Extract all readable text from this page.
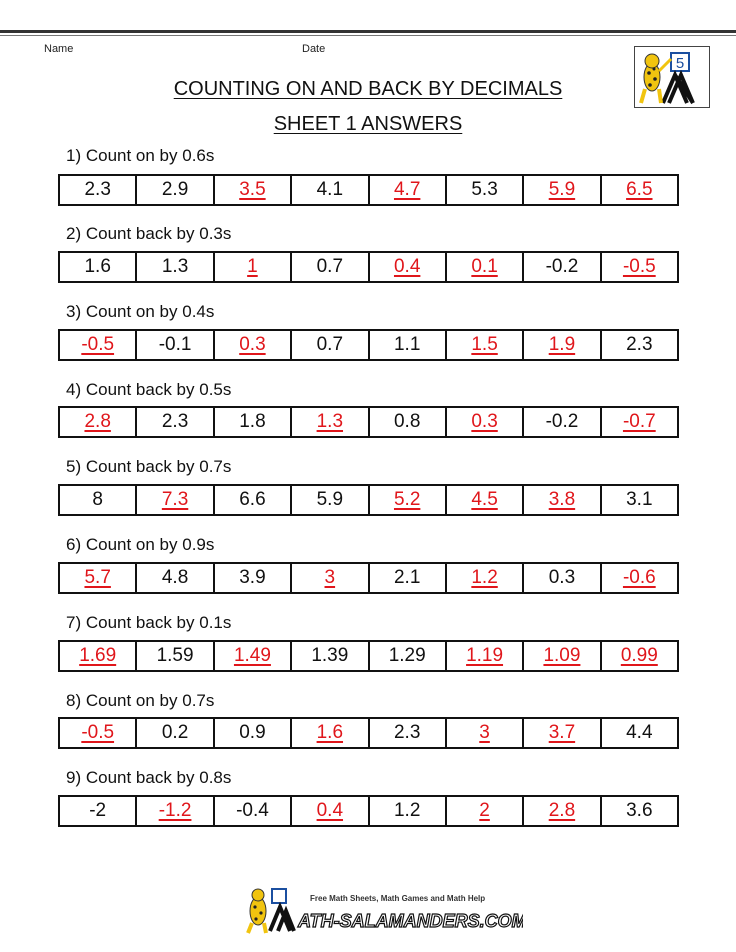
Name	Date
COUNTING ON AND BACK BY DECIMALS
SHEET 1 ANSWERS
5
1) Count on by 0.6s
2.3	2.9	3.5	4.1	4.7	5.3	5.9	6.5
2) Count back by 0.3s
1.6	1.3	1	0.7	0.4	0.1	-0.2	-0.5
3) Count on by 0.4s
-0.5	-0.1	0.3	0.7	1.1	1.5	1.9	2.3
4) Count back by 0.5s
2.8	2.3	1.8	1.3	0.8	0.3	-0.2	-0.7
5) Count back by 0.7s
8	7.3	6.6	5.9	5.2	4.5	3.8	3.1
6) Count on by 0.9s
5.7	4.8	3.9	3	2.1	1.2	0.3	-0.6
7) Count back by 0.1s
1.69	1.59	1.49	1.39	1.29	1.19	1.09	0.99
8) Count on by 0.7s
-0.5	0.2	0.9	1.6	2.3	3	3.7	4.4
9) Count back by 0.8s
-2	-1.2	-0.4	0.4	1.2	2	2.8	3.6
ATH-SALAMANDERS.COM
Free Math Sheets, Math Games and Math Help
